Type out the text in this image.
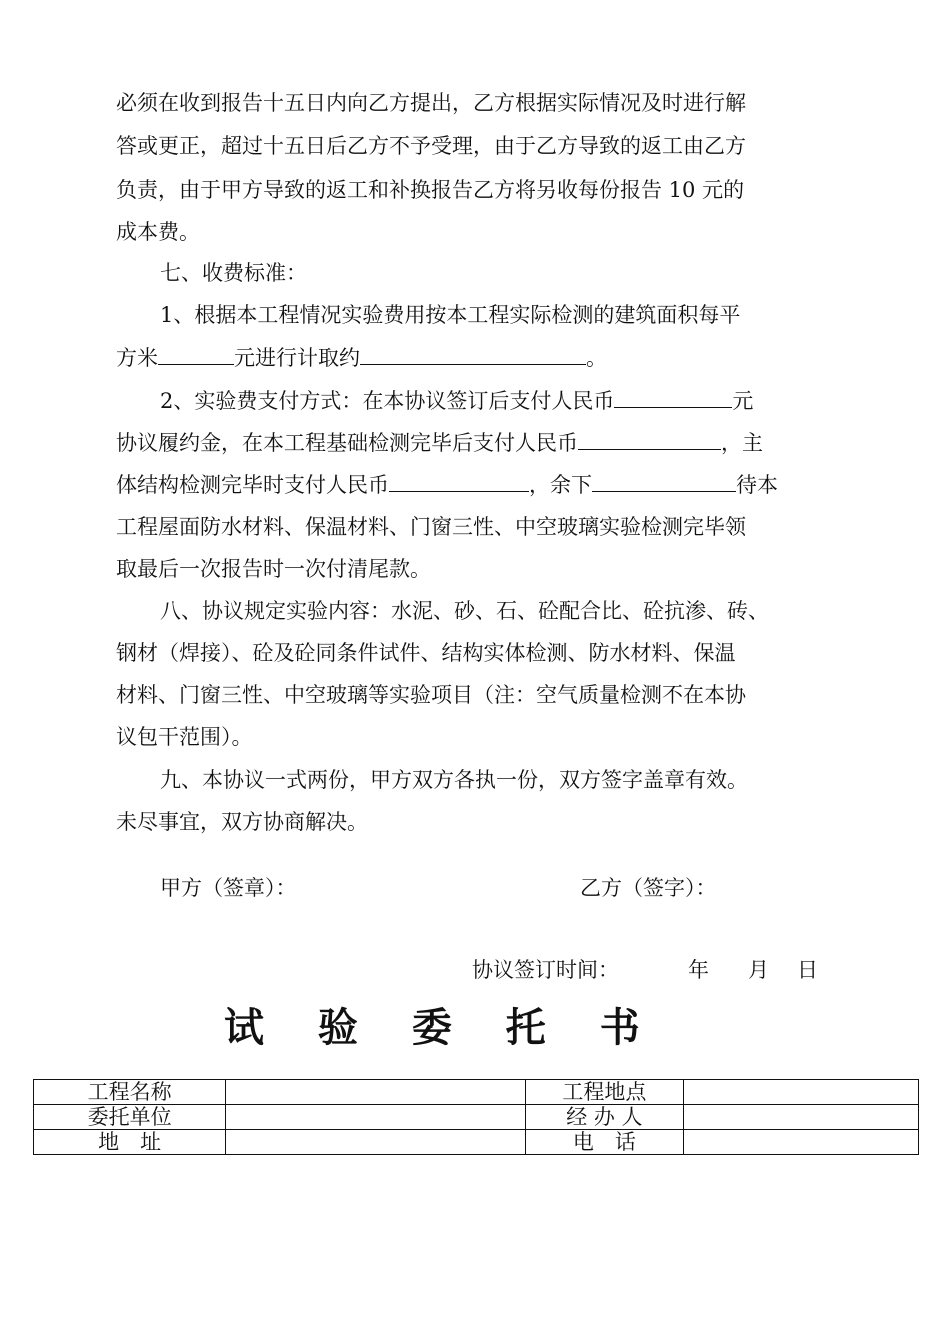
必须在收到报告十五日内向乙方提出，乙方根据实际情况及时进行解
答或更正，超过十五日后乙方不予受理，由于乙方导致的返工由乙方
负责，由于甲方导致的返工和补换报告乙方将另收每份报告 10 元的
成本费。
七、收费标准：
1、根据本工程情况实验费用按本工程实际检测的建筑面积每平
方米	元进行计取约	。
2、实验费支付方式：在本协议签订后支付人民币	元
协议履约金，在本工程基础检测完毕后支付人民币	，主
体结构检测完毕时支付人民币	，余下	待本
工程屋面防水材料、保温材料、门窗三性、中空玻璃实验检测完毕领
取最后一次报告时一次付清尾款。
八、协议规定实验内容：水泥、砂、石、砼配合比、砼抗渗、砖、
钢材（焊接）、砼及砼同条件试件、结构实体检测、防水材料、保温
材料、门窗三性、中空玻璃等实验项目（注：空气质量检测不在本协
议包干范围）。
九、本协议一式两份，甲方双方各执一份，双方签字盖章有效。
未尽事宜，双方协商解决。
甲方（签章）：	乙方（签字）：
协议签订时间：	年 月 日
试 验 委 托 书
工程名称		工程地点	
委托单位		经 办 人	
地　址		电　话	
